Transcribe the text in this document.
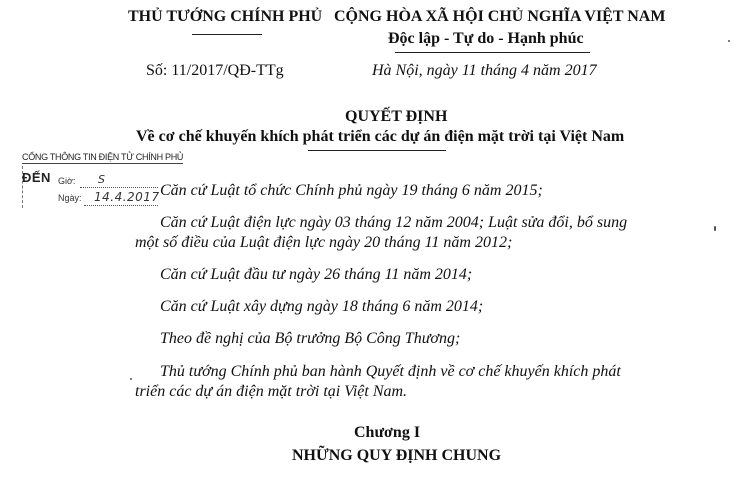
THỦ TƯỚNG CHÍNH PHỦ CỘNG HÒA XÃ HỘI CHỦ NGHĨA VIỆT NAM
Độc lập - Tự do - Hạnh phúc
Số: 11/2017/QĐ-TTg	Hà Nội, ngày 11 tháng 4 năm 2017
QUYẾT ĐỊNH
Về cơ chế khuyến khích phát triển các dự án điện mặt trời tại Việt Nam
CỔNG THÔNG TIN ĐIỆN TỬ CHÍNH PHỦ
ĐẾN Giờ: S
Ngày: 14.4.2017 Căn cứ Luật tổ chức Chính phủ ngày 19 tháng 6 năm 2015;
Căn cứ Luật điện lực ngày 03 tháng 12 năm 2004; Luật sửa đổi, bổ sung
một số điều của Luật điện lực ngày 20 tháng 11 năm 2012;
Căn cứ Luật đầu tư ngày 26 tháng 11 năm 2014;
Căn cứ Luật xây dựng ngày 18 tháng 6 năm 2014;
Theo đề nghị của Bộ trưởng Bộ Công Thương;
Thủ tướng Chính phủ ban hành Quyết định về cơ chế khuyến khích phát
triển các dự án điện mặt trời tại Việt Nam.
Chương I
NHỮNG QUY ĐỊNH CHUNG
